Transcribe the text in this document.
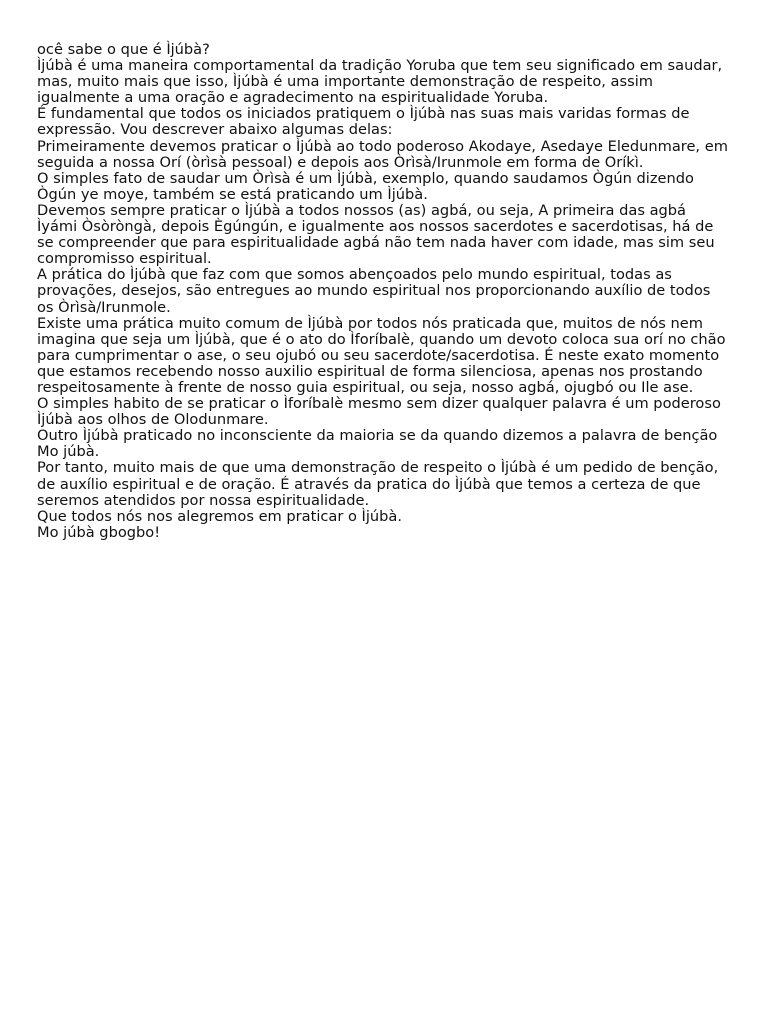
ocê sabe o que é Ìjúbà?

Ìjúbà é uma maneira comportamental da tradição Yoruba que tem seu significado em saudar, mas, muito mais que isso, Ìjúbà é uma importante demonstração de respeito, assim igualmente a uma oração e agradecimento na espiritualidade Yoruba.

É fundamental que todos os iniciados pratiquem o Ìjúbà nas suas mais varidas formas de expressão. Vou descrever abaixo algumas delas:

Primeiramente devemos praticar o Ìjúbà ao todo poderoso Akodaye, Asedaye Eledunmare, em seguida a nossa Orí (òrìsà pessoal) e depois aos Òrìsà/Irunmole em forma de Oríkì.

O simples fato de saudar um Òrìsà é um Ìjúbà, exemplo, quando saudamos Ògún dizendo Ògún ye moye, também se está praticando um Ìjúbà.

Devemos sempre praticar o Ìjúbà a todos nossos (as) agbá, ou seja, A primeira das agbá Ìyámi Òsòròngà, depois Ègúngún, e igualmente aos nossos sacerdotes e sacerdotisas, há de se compreender que para espiritualidade agbá não tem nada haver com idade, mas sim seu compromisso espiritual.

A prática do Ìjúbà que faz com que somos abençoados pelo mundo espiritual, todas as provações, desejos, são entregues ao mundo espiritual nos proporcionando auxílio de todos os Òrìsà/Irunmole.

Existe uma prática muito comum de Ìjúbà por todos nós praticada que, muitos de nós nem imagina que seja um Ìjúbà, que é o ato do Ìforíbalè, quando um devoto coloca sua orí no chão para cumprimentar o ase, o seu ojubó ou seu sacerdote/sacerdotisa. É neste exato momento que estamos recebendo nosso auxilio espiritual de forma silenciosa, apenas nos prostando respeitosamente à frente de nosso guia espiritual, ou seja, nosso agbá, ojugbó ou Ile ase.

O simples habito de se praticar o Ìforíbalè mesmo sem dizer qualquer palavra é um poderoso Ìjúbà aos olhos de Olodunmare.

Outro Ìjúbà praticado no inconsciente da maioria se da quando dizemos a palavra de benção Mo júbà.

Por tanto, muito mais de que uma demonstração de respeito o Ìjúbà é um pedido de benção, de auxílio espiritual e de oração. É através da pratica do Ìjúbà que temos a certeza de que seremos atendidos por nossa espiritualidade.

Que todos nós nos alegremos em praticar o Ìjúbà.

Mo júbà gbogbo!
